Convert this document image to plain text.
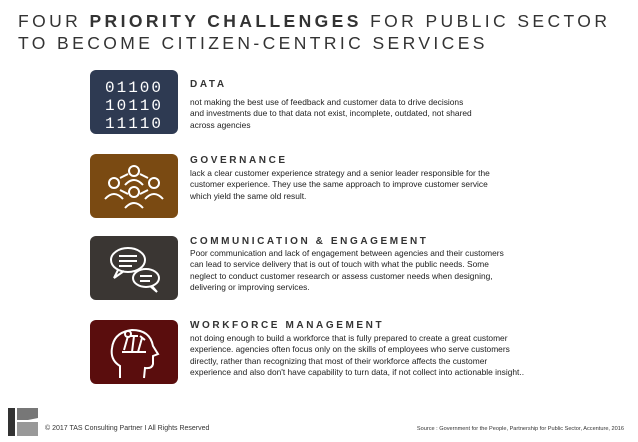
FOUR PRIORITY CHALLENGES FOR PUBLIC SECTOR
TO BECOME CITIZEN-CENTRIC SERVICES
01100
10110
11110
DATA
not making the best use of feedback and customer data to drive decisions
and investments due to that data not exist, incomplete, outdated, not shared
across agencies
GOVERNANCE
lack a clear customer experience strategy and a senior leader responsible for the
customer experience. They use the same approach to improve customer service
which yield the same old result.
COMMUNICATION & ENGAGEMENT
Poor communication and lack of engagement between agencies and their customers
can lead to service delivery that is out of touch with what the public needs. Some
neglect to conduct customer research or assess customer needs when designing,
delivering or improving services.
WORKFORCE MANAGEMENT
not doing enough to build a workforce that is fully prepared to create a great customer
experience. agencies often focus only on the skills of employees who serve customers
directly, rather than recognizing that most of their workforce affects the customer
experience and also don't have capability to turn data, if not collect into actionable insight..
© 2017 TAS Consulting Partner I All Rights Reserved	Source : Government for the People, Partnership for Public Sector, Accenture, 2016
